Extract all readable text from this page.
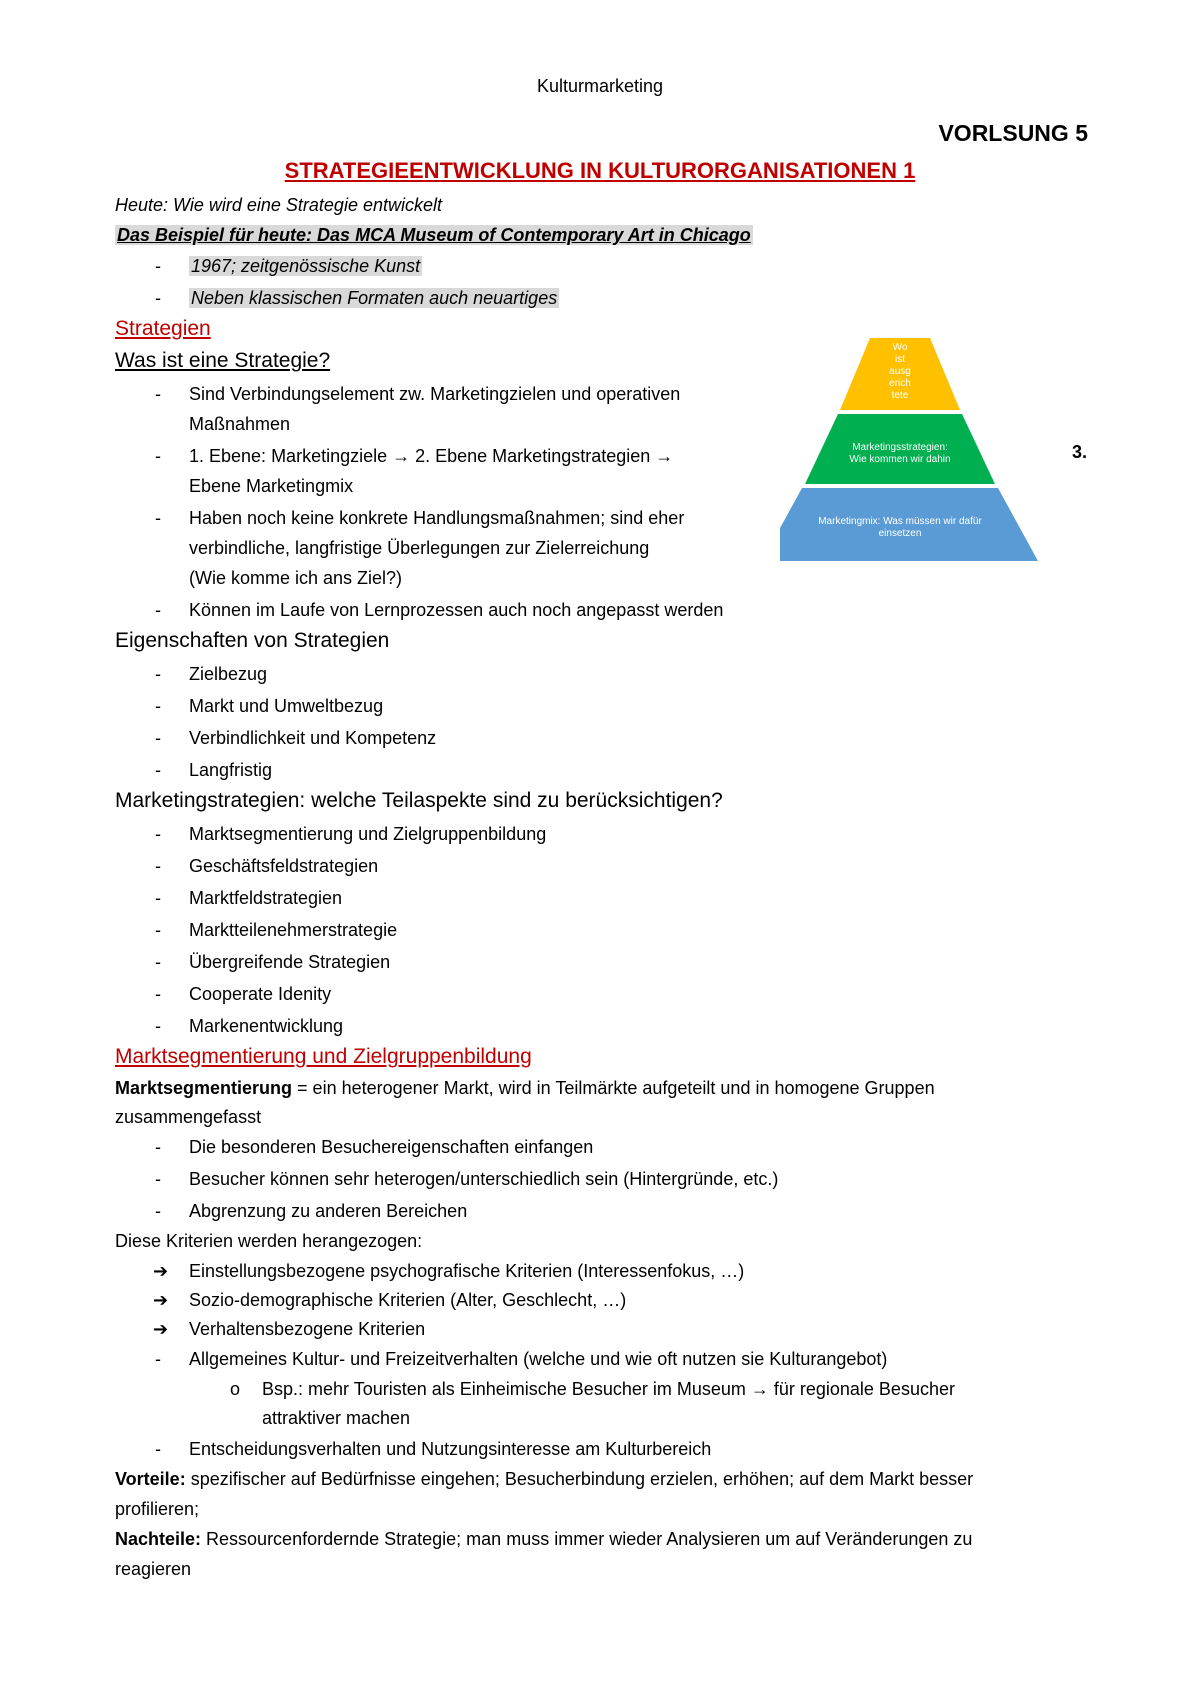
Kulturmarketing
VORLSUNG 5
STRATEGIEENTWICKLUNG IN KULTURORGANISATIONEN 1
Heute: Wie wird eine Strategie entwickelt
Das Beispiel für heute: Das MCA Museum of Contemporary Art in Chicago
- 1967; zeitgenössische Kunst
- Neben klassischen Formaten auch neuartiges
Strategien
Was ist eine Strategie?
- Sind Verbindungselement zw. Marketingzielen und operativen
Maßnahmen
- 1. Ebene: Marketingziele → 2. Ebene Marketingstrategien →
Ebene Marketingmix
- Haben noch keine konkrete Handlungsmaßnahmen; sind eher
verbindliche, langfristige Überlegungen zur Zielerreichung
(Wie komme ich ans Ziel?)
- Können im Laufe von Lernprozessen auch noch angepasst werden
3.
Wo
ist
ausg
erich
tete
Marketingsstrategien:
Wie kommen wir dahin
Marketingmix: Was müssen wir dafür
einsetzen
Eigenschaften von Strategien
- Zielbezug
- Markt und Umweltbezug
- Verbindlichkeit und Kompetenz
- Langfristig
Marketingstrategien: welche Teilaspekte sind zu berücksichtigen?
- Marktsegmentierung und Zielgruppenbildung
- Geschäftsfeldstrategien
- Marktfeldstrategien
- Marktteilenehmerstrategie
- Übergreifende Strategien
- Cooperate Idenity
- Markenentwicklung
Marktsegmentierung und Zielgruppenbildung
Marktsegmentierung = ein heterogener Markt, wird in Teilmärkte aufgeteilt und in homogene Gruppen
zusammengefasst
- Die besonderen Besuchereigenschaften einfangen
- Besucher können sehr heterogen/unterschiedlich sein (Hintergründe, etc.)
- Abgrenzung zu anderen Bereichen
Diese Kriterien werden herangezogen:
➔ Einstellungsbezogene psychografische Kriterien (Interessenfokus, …)
➔ Sozio-demographische Kriterien (Alter, Geschlecht, …)
➔ Verhaltensbezogene Kriterien
- Allgemeines Kultur- und Freizeitverhalten (welche und wie oft nutzen sie Kulturangebot)
o Bsp.: mehr Touristen als Einheimische Besucher im Museum → für regionale Besucher
attraktiver machen
- Entscheidungsverhalten und Nutzungsinteresse am Kulturbereich
Vorteile: spezifischer auf Bedürfnisse eingehen; Besucherbindung erzielen, erhöhen; auf dem Markt besser
profilieren;
Nachteile: Ressourcenfordernde Strategie; man muss immer wieder Analysieren um auf Veränderungen zu
reagieren
